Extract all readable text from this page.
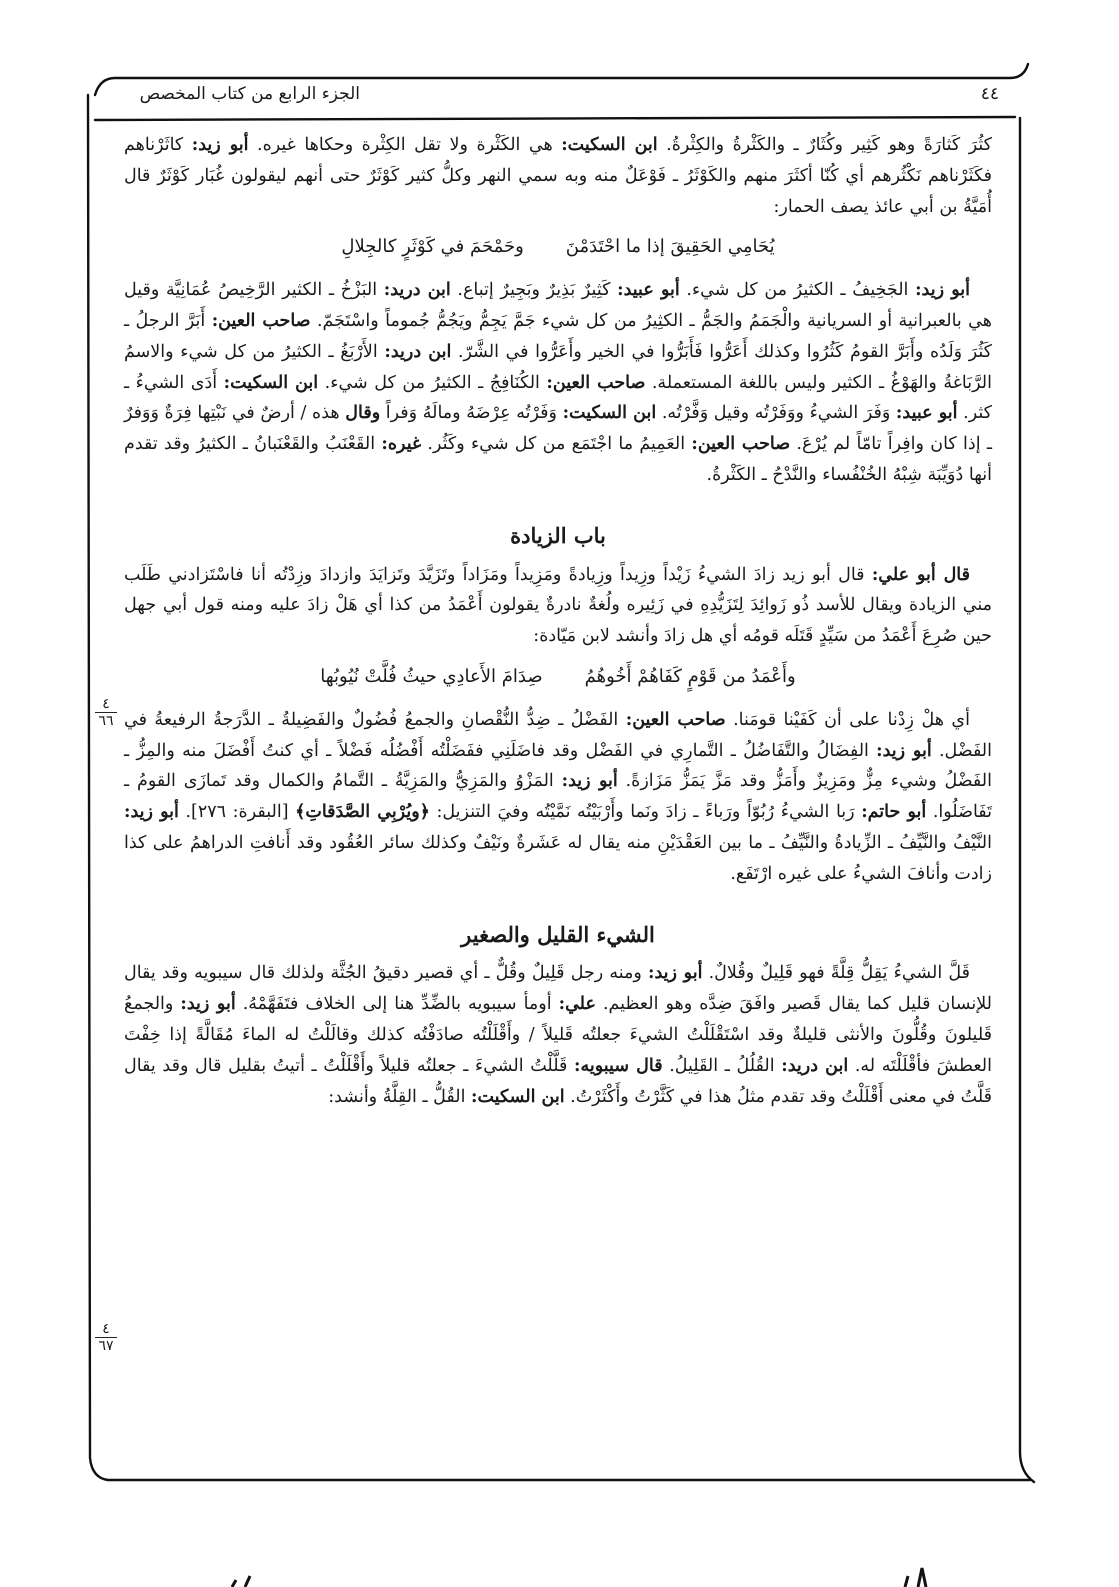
الجزء الرابع من كتاب المخصص	٤٤
٤
٦٦
٤
٦٧

كثُرَ كَثارَةً وهو كَثِير وكُثَارٌ ـ والكَثْرةُ والكِثْرةُ. ابن السكيت: هي الكَثْرة ولا تقل الكِثْرة وحكاها غيره. أبو زيد: كاثَرْناهم فكَثَرْناهم نَكْثُرهم أي كُنّا أكثَرَ منهم والكَوْثَرُ ـ فَوْعَلٌ منه وبه سمي النهر وكلُّ كثير كَوْثَرٌ حتى أنهم ليقولون غُبَار كَوْثَرٌ قال أُمَيَّةُ بن أبي عائذ يصف الحمار:

يُحَامِي الحَقِيقَ إذا ما احْتَدَمْنَ
وحَمْحَمَ في كَوْثَرٍ كالجِلالِ

أبو زيد: الجَخِيفُ ـ الكثيرُ من كل شيء. أبو عبيد: كَثِيرٌ بَذِيرٌ وبَجِيرٌ إتباع. ابن دريد: البَزْخُ ـ الكثير الرَّخِيصُ عُمَانِيَّة وقيل هي بالعبرانية أو السريانية والْجَمَمُ والجَمُّ ـ الكثِيرُ من كل شيء جَمَّ يَجِمُّ ويَجُمُّ جُموماً واسْتَجَمّ. صاحب العين: أَبَرَّ الرجلُ ـ كَثُرَ وَلَدُه وأَبَرَّ القومُ كَثُرُوا وكذلك أَعَرُّوا فَأَبَرُّوا في الخير وأَعَرُّوا في الشَّرّ. ابن دريد: الأَرْبَغُ ـ الكثيرُ من كل شيء والاسمُ الرَّبَاغةُ والهَوْغُ ـ الكثير وليس باللغة المستعملة. صاحب العين: الكُنَافِجُ ـ الكثيرُ من كل شيء. ابن السكيت: أَدَى الشيءُ ـ كثر. أبو عبيد: وَفَرَ الشيءُ ووَفَرْتُه وقيل وَفَّرْتُه. ابن السكيت: وَفَرْتُه عِرْضَهُ ومالَهُ وَفراً وقال هذه / أرضٌ في نَبْتِها فِرَةٌ وَوَفرٌ ـ إذا كان وافِراً تامّاً لم يُرْعَ. صاحب العين: العَمِيمُ ما اجْتَمَع من كل شيء وكَثُر. غيره: القَعْنَبُ والقَعْنَبانُ ـ الكثيرُ وقد تقدم أنها دُوَيِّبَة شِبْهُ الخُنْفُساء والنَّدْحُ ـ الكَثْرةُ.

باب الزيادة

قال أبو علي: قال أبو زيد زادَ الشيءُ زَيْداً وزِيداً وزِيادةً ومَزِيداً ومَزَاداً وتَزَيَّدَ وتَزايَدَ وازدادَ وزِدْتُه أنا فاسْتَزادني طَلَب مني الزيادة ويقال للأسد ذُو زَوائِدَ لِتَزَيُّدِهِ في زَئِيره ولُغةٌ نادرةٌ يقولون أَعْمَدُ من كذا أي هَلْ زادَ عليه ومنه قول أبي جهل حين صُرِعَ أَعْمَدُ من سَيِّدٍ قَتَلَه قومُه أي هل زادَ وأنشد لابن مَيّادة:

وأَعْمَدُ من قَوْمٍ كَفَاهُمْ أَخُوهُمُ
صِدَامَ الأَعادِي حيثُ فُلَّتْ نُيُوبُها

أي هلْ زِدْنا على أن كَفَيْنا قومَنا. صاحب العين: الفَضْلُ ـ ضِدُّ النُّقْصانِ والجمعُ فُضُولٌ والفَضِيلةُ ـ الدَّرَجةُ الرفيعةُ في الفَضْل. أبو زيد: الفِضَالُ والتَّفَاضُلُ ـ التَّمارِي في الفَضْل وقد فاضَلَنِي ففَضَلْتُه أَفْضُلُه فَضْلاً ـ أي كنتُ أَفْضَلَ منه والمِزُّ ـ الفَضْلُ وشيء مِزٌّ ومَزِيزٌ وأَمَزُّ وقد مَزَّ يَمَزُّ مَزَازةً. أبو زيد: المَزْوُ والمَزِيُّ والمَزِيَّةُ ـ التَّمامُ والكمال وقد تَمازَى القومُ ـ تَفَاضَلُوا. أبو حاتم: رَبا الشيءُ رُبُوّاً ورَباءً ـ زادَ ونَما وأَرْبَيْتُه نَمَّيْتُه وفيَ التنزيل: ﴿ويُرْبِي الصَّدَقاتِ﴾ [البقرة: ٢٧٦]. أبو زيد: النَّيْفُ والنَّيِّفُ ـ الزِّيادةُ والنَّيِّفُ ـ ما بين العَقْدَيْنِ منه يقال له عَشَرةٌ ونَيْفٌ وكذلك سائر العُقُود وقد أَنافتِ الدراهمُ على كذا زادت وأنافَ الشيءُ على غيره ارْتَفَع.

الشيء القليل والصغير

قَلَّ الشيءُ يَقِلُّ قِلَّةً فهو قَلِيلٌ وقُلالٌ. أبو زيد: ومنه رجل قَلِيلٌ وقُلٌّ ـ أي قصير دقيقُ الجُثَّة ولذلك قال سيبويه وقد يقال للإنسان قليل كما يقال قَصير وافَقَ ضِدَّه وهو العظيم. علي: أومأ سيبويه بالضِّدِّ هنا إلى الخلاف فتَفَهَّمْهُ. أبو زيد: والجمعُ قَليلونَ وقُلُّونَ والأنثى قليلةٌ وقد اسْتَقْلَلْتُ الشيءَ جعلتُه قَليلاً / وأَقْلَلْتُه صادَفْتُه كذلك وقالَلْتُ له الماءَ مُقَالَّةً إذا خِفْتَ العطشَ فأقْلَلْتَه له. ابن دريد: القُلُلُ ـ القَلِيلُ. قال سيبويه: قَلَّلْتُ الشيءَ ـ جعلتُه قليلاً وأَقْلَلْتُ ـ أتيتُ بقليل قال وقد يقال قَلَّتُ في معنى أَقْلَلْتُ وقد تقدم مثلُ هذا في كَثَّرْتُ وأَكْثَرْتُ. ابن السكيت: القُلُّ ـ القِلَّةُ وأنشد:
